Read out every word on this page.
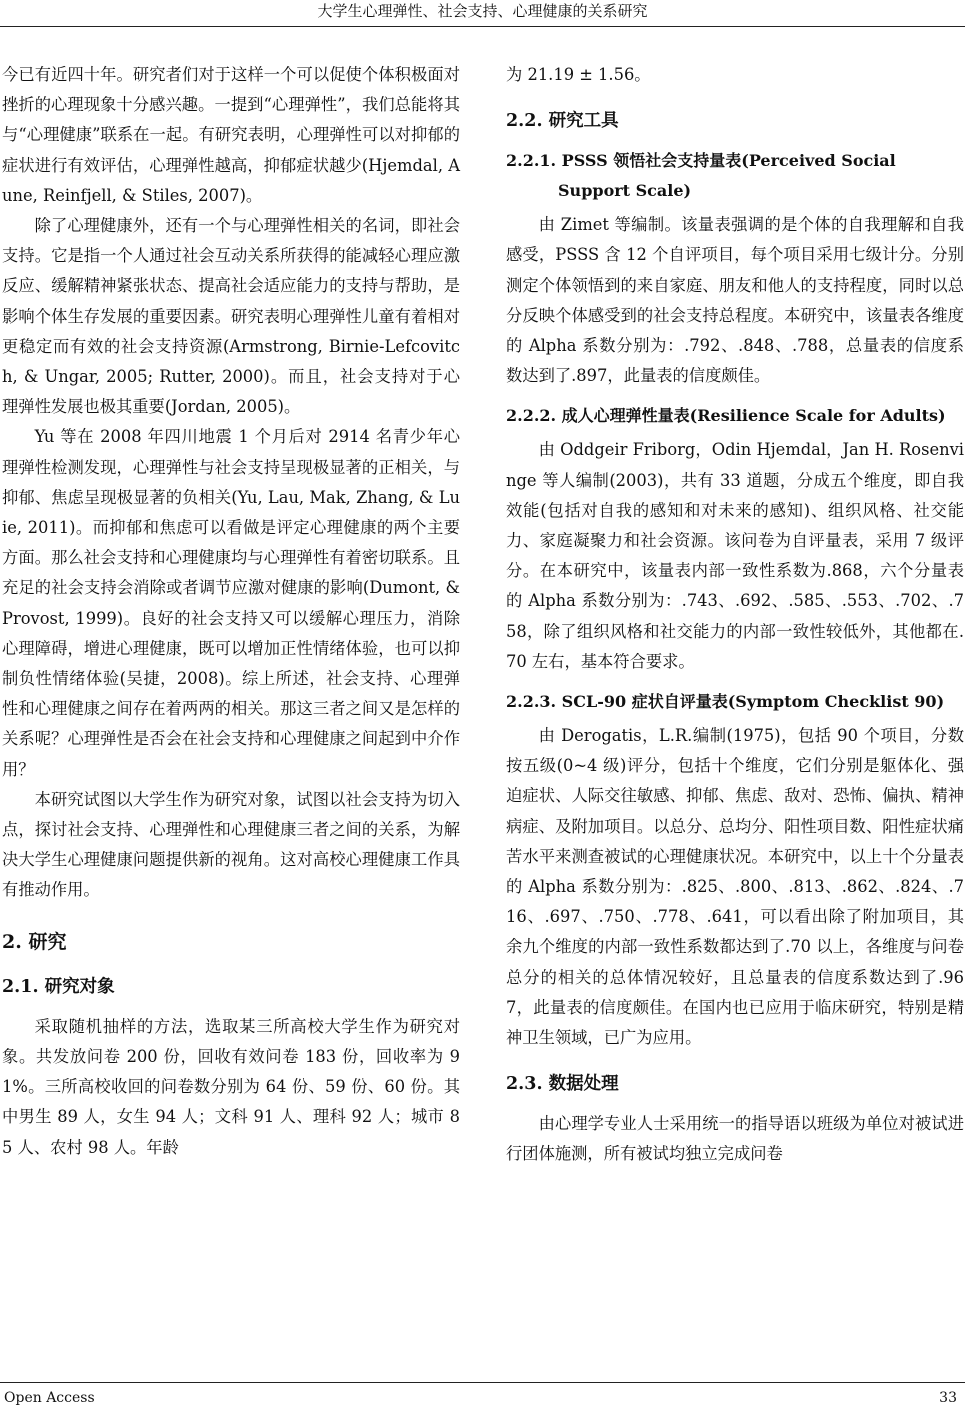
大学生心理弹性、社会支持、心理健康的关系研究

今已有近四十年。研究者们对于这样一个可以促使个体积极面对挫折的心理现象十分感兴趣。一提到“心理弹性”，我们总能将其与“心理健康”联系在一起。有研究表明，心理弹性可以对抑郁的症状进行有效评估，心理弹性越高，抑郁症状越少(Hjemdal, Aune, Reinfjell, & Stiles, 2007)。

除了心理健康外，还有一个与心理弹性相关的名词，即社会支持。它是指一个人通过社会互动关系所获得的能减轻心理应激反应、缓解精神紧张状态、提高社会适应能力的支持与帮助，是影响个体生存发展的重要因素。研究表明心理弹性儿童有着相对更稳定而有效的社会支持资源(Armstrong, Birnie-Lefcovitch, & Ungar, 2005; Rutter, 2000)。而且，社会支持对于心理弹性发展也极其重要(Jordan, 2005)。

Yu 等在 2008 年四川地震 1 个月后对 2914 名青少年心理弹性检测发现，心理弹性与社会支持呈现极显著的正相关，与抑郁、焦虑呈现极显著的负相关(Yu, Lau, Mak, Zhang, & Luie, 2011)。而抑郁和焦虑可以看做是评定心理健康的两个主要方面。那么社会支持和心理健康均与心理弹性有着密切联系。且充足的社会支持会消除或者调节应激对健康的影响(Dumont, & Provost, 1999)。良好的社会支持又可以缓解心理压力，消除心理障碍，增进心理健康，既可以增加正性情绪体验，也可以抑制负性情绪体验(吴捷，2008)。综上所述，社会支持、心理弹性和心理健康之间存在着两两的相关。那这三者之间又是怎样的关系呢？心理弹性是否会在社会支持和心理健康之间起到中介作用？

本研究试图以大学生作为研究对象，试图以社会支持为切入点，探讨社会支持、心理弹性和心理健康三者之间的关系，为解决大学生心理健康问题提供新的视角。这对高校心理健康工作具有推动作用。

2. 研究
2.1. 研究对象

采取随机抽样的方法，选取某三所高校大学生作为研究对象。共发放问卷 200 份，回收有效问卷 183 份，回收率为 91%。三所高校收回的问卷数分别为 64 份、59 份、60 份。其中男生 89 人，女生 94 人；文科 91 人、理科 92 人；城市 85 人、农村 98 人。年龄

为 21.19 ± 1.56。

2.2. 研究工具
2.2.1. PSSS 领悟社会支持量表(Perceived Social Support Scale)

由 Zimet 等编制。该量表强调的是个体的自我理解和自我感受，PSSS 含 12 个自评项目，每个项目采用七级计分。分别测定个体领悟到的来自家庭、朋友和他人的支持程度，同时以总分反映个体感受到的社会支持总程度。本研究中，该量表各维度的 Alpha 系数分别为：.792、.848、.788，总量表的信度系数达到了.897，此量表的信度颇佳。

2.2.2. 成人心理弹性量表(Resilience Scale for Adults)

由 Oddgeir Friborg，Odin Hjemdal，Jan H. Rosenvinge 等人编制(2003)，共有 33 道题，分成五个维度，即自我效能(包括对自我的感知和对未来的感知)、组织风格、社交能力、家庭凝聚力和社会资源。该问卷为自评量表，采用 7 级评分。在本研究中，该量表内部一致性系数为.868，六个分量表的 Alpha 系数分别为：.743、.692、.585、.553、.702、.758，除了组织风格和社交能力的内部一致性较低外，其他都在.70 左右，基本符合要求。

2.2.3. SCL-90 症状自评量表(Symptom Checklist 90)

由 Derogatis，L.R.编制(1975)，包括 90 个项目，分数按五级(0~4 级)评分，包括十个维度，它们分别是躯体化、强迫症状、人际交往敏感、抑郁、焦虑、敌对、恐怖、偏执、精神病症、及附加项目。以总分、总均分、阳性项目数、阳性症状痛苦水平来测查被试的心理健康状况。本研究中，以上十个分量表的 Alpha 系数分别为：.825、.800、.813、.862、.824、.716、.697、.750、.778、.641，可以看出除了附加项目，其余九个维度的内部一致性系数都达到了.70 以上，各维度与问卷总分的相关的总体情况较好，且总量表的信度系数达到了.967，此量表的信度颇佳。在国内也已应用于临床研究，特别是精神卫生领域，已广为应用。

2.3. 数据处理

由心理学专业人士采用统一的指导语以班级为单位对被试进行团体施测，所有被试均独立完成问卷

Open Access	33
